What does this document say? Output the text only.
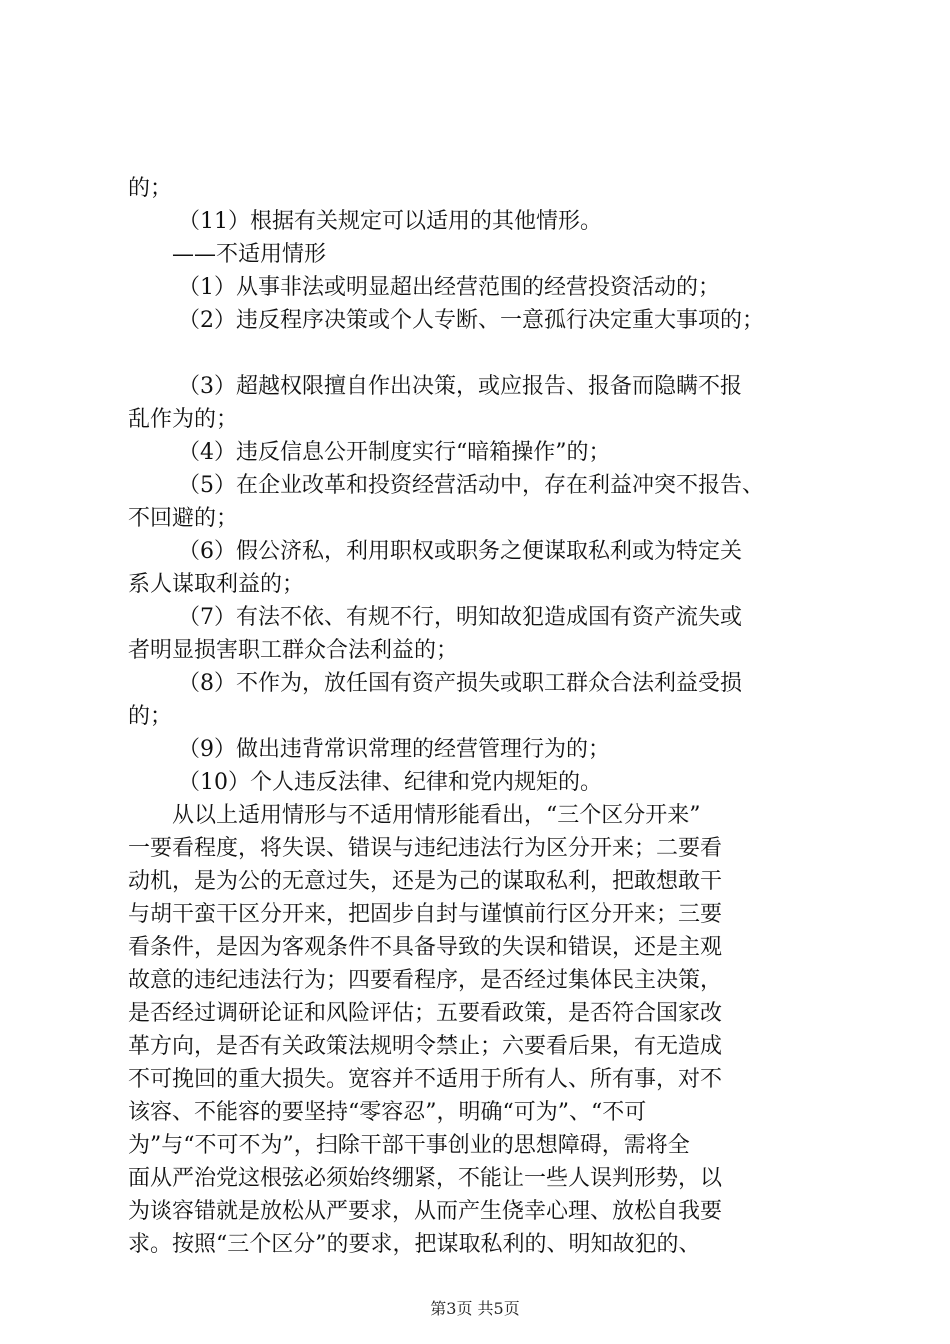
的；
（11）根据有关规定可以适用的其他情形。
——不适用情形
（1）从事非法或明显超出经营范围的经营投资活动的；
（2）违反程序决策或个人专断、一意孤行决定重大事项的；
（3）超越权限擅自作出决策，或应报告、报备而隐瞒不报
乱作为的；
（4）违反信息公开制度实行“暗箱操作”的；
（5）在企业改革和投资经营活动中，存在利益冲突不报告、
不回避的；
（6）假公济私，利用职权或职务之便谋取私利或为特定关
系人谋取利益的；
（7）有法不依、有规不行，明知故犯造成国有资产流失或
者明显损害职工群众合法利益的；
（8）不作为，放任国有资产损失或职工群众合法利益受损
的；
（9）做出违背常识常理的经营管理行为的；
（10）个人违反法律、纪律和党内规矩的。
从以上适用情形与不适用情形能看出，“三个区分开来”
一要看程度，将失误、错误与违纪违法行为区分开来；二要看
动机，是为公的无意过失，还是为己的谋取私利，把敢想敢干
与胡干蛮干区分开来，把固步自封与谨慎前行区分开来；三要
看条件，是因为客观条件不具备导致的失误和错误，还是主观
故意的违纪违法行为；四要看程序，是否经过集体民主决策，
是否经过调研论证和风险评估；五要看政策，是否符合国家改
革方向，是否有关政策法规明令禁止；六要看后果，有无造成
不可挽回的重大损失。宽容并不适用于所有人、所有事，对不
该容、不能容的要坚持“零容忍”，明确“可为”、“不可
为”与“不可不为”，扫除干部干事创业的思想障碍，需将全
面从严治党这根弦必须始终绷紧，不能让一些人误判形势，以
为谈容错就是放松从严要求，从而产生侥幸心理、放松自我要
求。按照“三个区分”的要求，把谋取私利的、明知故犯的、
第3页 共5页
